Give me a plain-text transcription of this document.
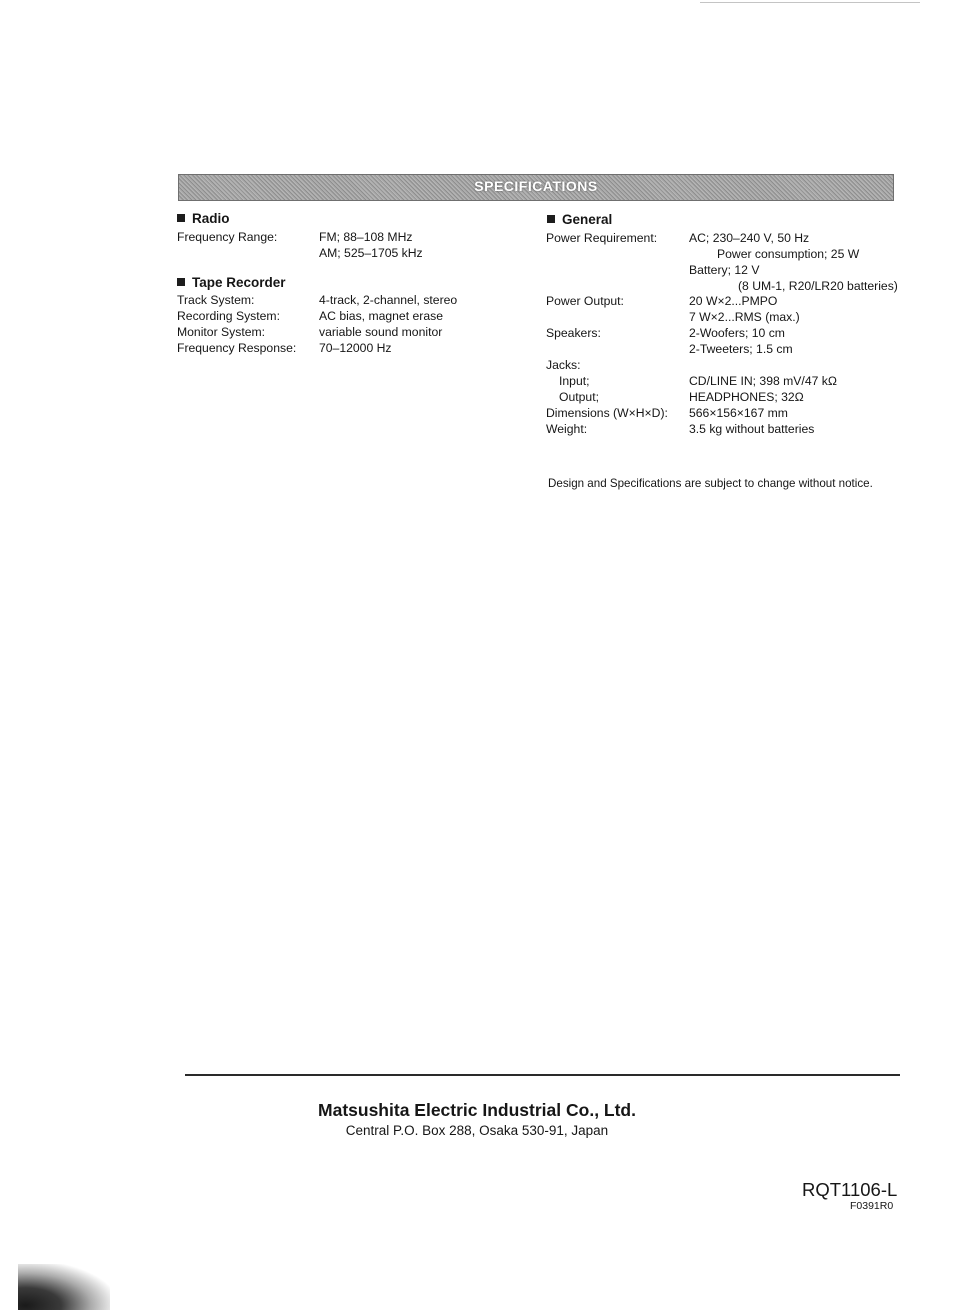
SPECIFICATIONS
Radio
Frequency Range:	FM; 88–108 MHz
AM; 525–1705 kHz
Tape Recorder
Track System:	4-track, 2-channel, stereo
Recording System:	AC bias, magnet erase
Monitor System:	variable sound monitor
Frequency Response: 70–12000 Hz
General
Power Requirement:	AC; 230–240 V, 50 Hz
Power consumption; 25 W
Battery; 12 V
(8 UM-1, R20/LR20 batteries)
Power Output:	20 W×2...PMPO
7 W×2...RMS (max.)
Speakers:	2-Woofers; 10 cm
2-Tweeters; 1.5 cm
Jacks:
Input;	CD/LINE IN; 398 mV/47 kΩ
Output;	HEADPHONES; 32Ω
Dimensions (W×H×D): 566×156×167 mm
Weight:	3.5 kg without batteries
Design and Specifications are subject to change without notice.
Matsushita Electric Industrial Co., Ltd.
Central P.O. Box 288, Osaka 530-91, Japan
RQT1106-L
F0391R0
